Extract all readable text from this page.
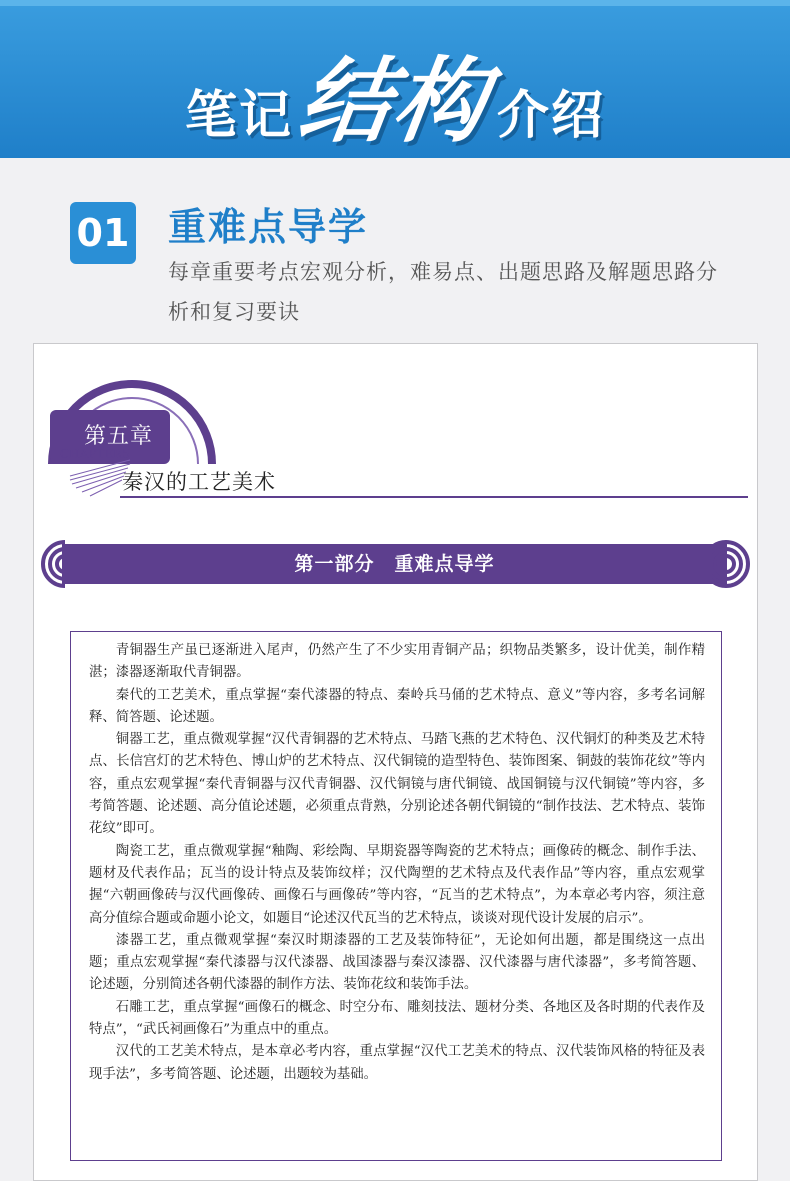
笔记结构介绍
01 重难点导学
每章重要考点宏观分析，难易点、出题思路及解题思路分析和复习要诀
第五章
CHAPTER5
秦汉的工艺美术
第一部分　重难点导学

青铜器生产虽已逐渐进入尾声，仍然产生了不少实用青铜产品；织物品类繁多，设计优美，制作精湛；漆器逐渐取代青铜器。

秦代的工艺美术，重点掌握“秦代漆器的特点、秦岭兵马俑的艺术特点、意义”等内容，多考名词解释、简答题、论述题。

铜器工艺，重点微观掌握“汉代青铜器的艺术特点、马踏飞燕的艺术特色、汉代铜灯的种类及艺术特点、长信宫灯的艺术特色、博山炉的艺术特点、汉代铜镜的造型特色、装饰图案、铜鼓的装饰花纹”等内容，重点宏观掌握“秦代青铜器与汉代青铜器、汉代铜镜与唐代铜镜、战国铜镜与汉代铜镜”等内容，多考简答题、论述题、高分值论述题，必须重点背熟，分别论述各朝代铜镜的“制作技法、艺术特点、装饰花纹”即可。

陶瓷工艺，重点微观掌握“釉陶、彩绘陶、早期瓷器等陶瓷的艺术特点；画像砖的概念、制作手法、题材及代表作品；瓦当的设计特点及装饰纹样；汉代陶塑的艺术特点及代表作品”等内容，重点宏观掌握“六朝画像砖与汉代画像砖、画像石与画像砖”等内容，“瓦当的艺术特点”，为本章必考内容，须注意高分值综合题或命题小论文，如题目“论述汉代瓦当的艺术特点，谈谈对现代设计发展的启示”。

漆器工艺，重点微观掌握“秦汉时期漆器的工艺及装饰特征”，无论如何出题，都是围绕这一点出题；重点宏观掌握“秦代漆器与汉代漆器、战国漆器与秦汉漆器、汉代漆器与唐代漆器”，多考简答题、论述题，分别简述各朝代漆器的制作方法、装饰花纹和装饰手法。

石雕工艺，重点掌握“画像石的概念、时空分布、雕刻技法、题材分类、各地区及各时期的代表作及特点”，“武氏祠画像石”为重点中的重点。

汉代的工艺美术特点，是本章必考内容，重点掌握“汉代工艺美术的特点、汉代装饰风格的特征及表现手法”，多考简答题、论述题，出题较为基础。
